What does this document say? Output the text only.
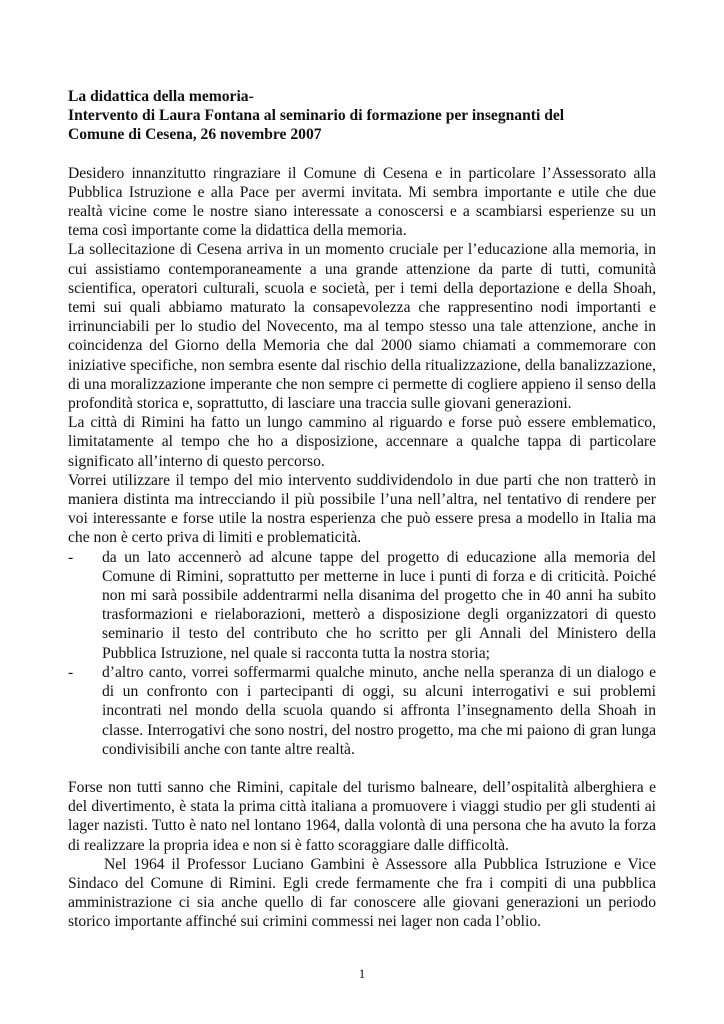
La didattica della memoria-
Intervento di Laura Fontana al seminario di formazione per insegnanti del
Comune di Cesena, 26 novembre 2007

Desidero innanzitutto ringraziare il Comune di Cesena e in particolare l’Assessorato alla Pubblica Istruzione e alla Pace per avermi invitata. Mi sembra importante e utile che due realtà vicine come le nostre siano interessate a conoscersi e a scambiarsi esperienze su un tema così importante come la didattica della memoria.

La sollecitazione di Cesena arriva in un momento cruciale per l’educazione alla memoria, in cui assistiamo contemporaneamente a una grande attenzione da parte di tutti, comunità scientifica, operatori culturali, scuola e società, per i temi della deportazione e della Shoah, temi sui quali abbiamo maturato la consapevolezza che rappresentino nodi importanti e irrinunciabili per lo studio del Novecento, ma al tempo stesso una tale attenzione, anche in coincidenza del Giorno della Memoria che dal 2000 siamo chiamati a commemorare con iniziative specifiche, non sembra esente dal rischio della ritualizzazione, della banalizzazione, di una moralizzazione imperante che non sempre ci permette di cogliere appieno il senso della profondità storica e, soprattutto, di lasciare una traccia sulle giovani generazioni.

La città di Rimini ha fatto un lungo cammino al riguardo e forse può essere emblematico, limitatamente al tempo che ho a disposizione, accennare a qualche tappa di particolare significato all’interno di questo percorso.

Vorrei utilizzare il tempo del mio intervento suddividendolo in due parti che non tratterò in maniera distinta ma intrecciando il più possibile l’una nell’altra, nel tentativo di rendere per voi interessante e forse utile la nostra esperienza che può essere presa a modello in Italia ma che non è certo priva di limiti e problematicità.

- da un lato accennerò ad alcune tappe del progetto di educazione alla memoria del Comune di Rimini, soprattutto per metterne in luce i punti di forza e di criticità. Poiché non mi sarà possibile addentrarmi nella disanima del progetto che in 40 anni ha subito trasformazioni e rielaborazioni, metterò a disposizione degli organizzatori di questo seminario il testo del contributo che ho scritto per gli Annali del Ministero della Pubblica Istruzione, nel quale si racconta tutta la nostra storia;
- d’altro canto, vorrei soffermarmi qualche minuto, anche nella speranza di un dialogo e di un confronto con i partecipanti di oggi, su alcuni interrogativi e sui problemi incontrati nel mondo della scuola quando si affronta l’insegnamento della Shoah in classe. Interrogativi che sono nostri, del nostro progetto, ma che mi paiono di gran lunga condivisibili anche con tante altre realtà.

Forse non tutti sanno che Rimini, capitale del turismo balneare, dell’ospitalità alberghiera e del divertimento, è stata la prima città italiana a promuovere i viaggi studio per gli studenti ai lager nazisti. Tutto è nato nel lontano 1964, dalla volontà di una persona che ha avuto la forza di realizzare la propria idea e non si è fatto scoraggiare dalle difficoltà.

Nel 1964 il Professor Luciano Gambini è Assessore alla Pubblica Istruzione e Vice Sindaco del Comune di Rimini. Egli crede fermamente che fra i compiti di una pubblica amministrazione ci sia anche quello di far conoscere alle giovani generazioni un periodo storico importante affinché sui crimini commessi nei lager non cada l’oblio.

1
